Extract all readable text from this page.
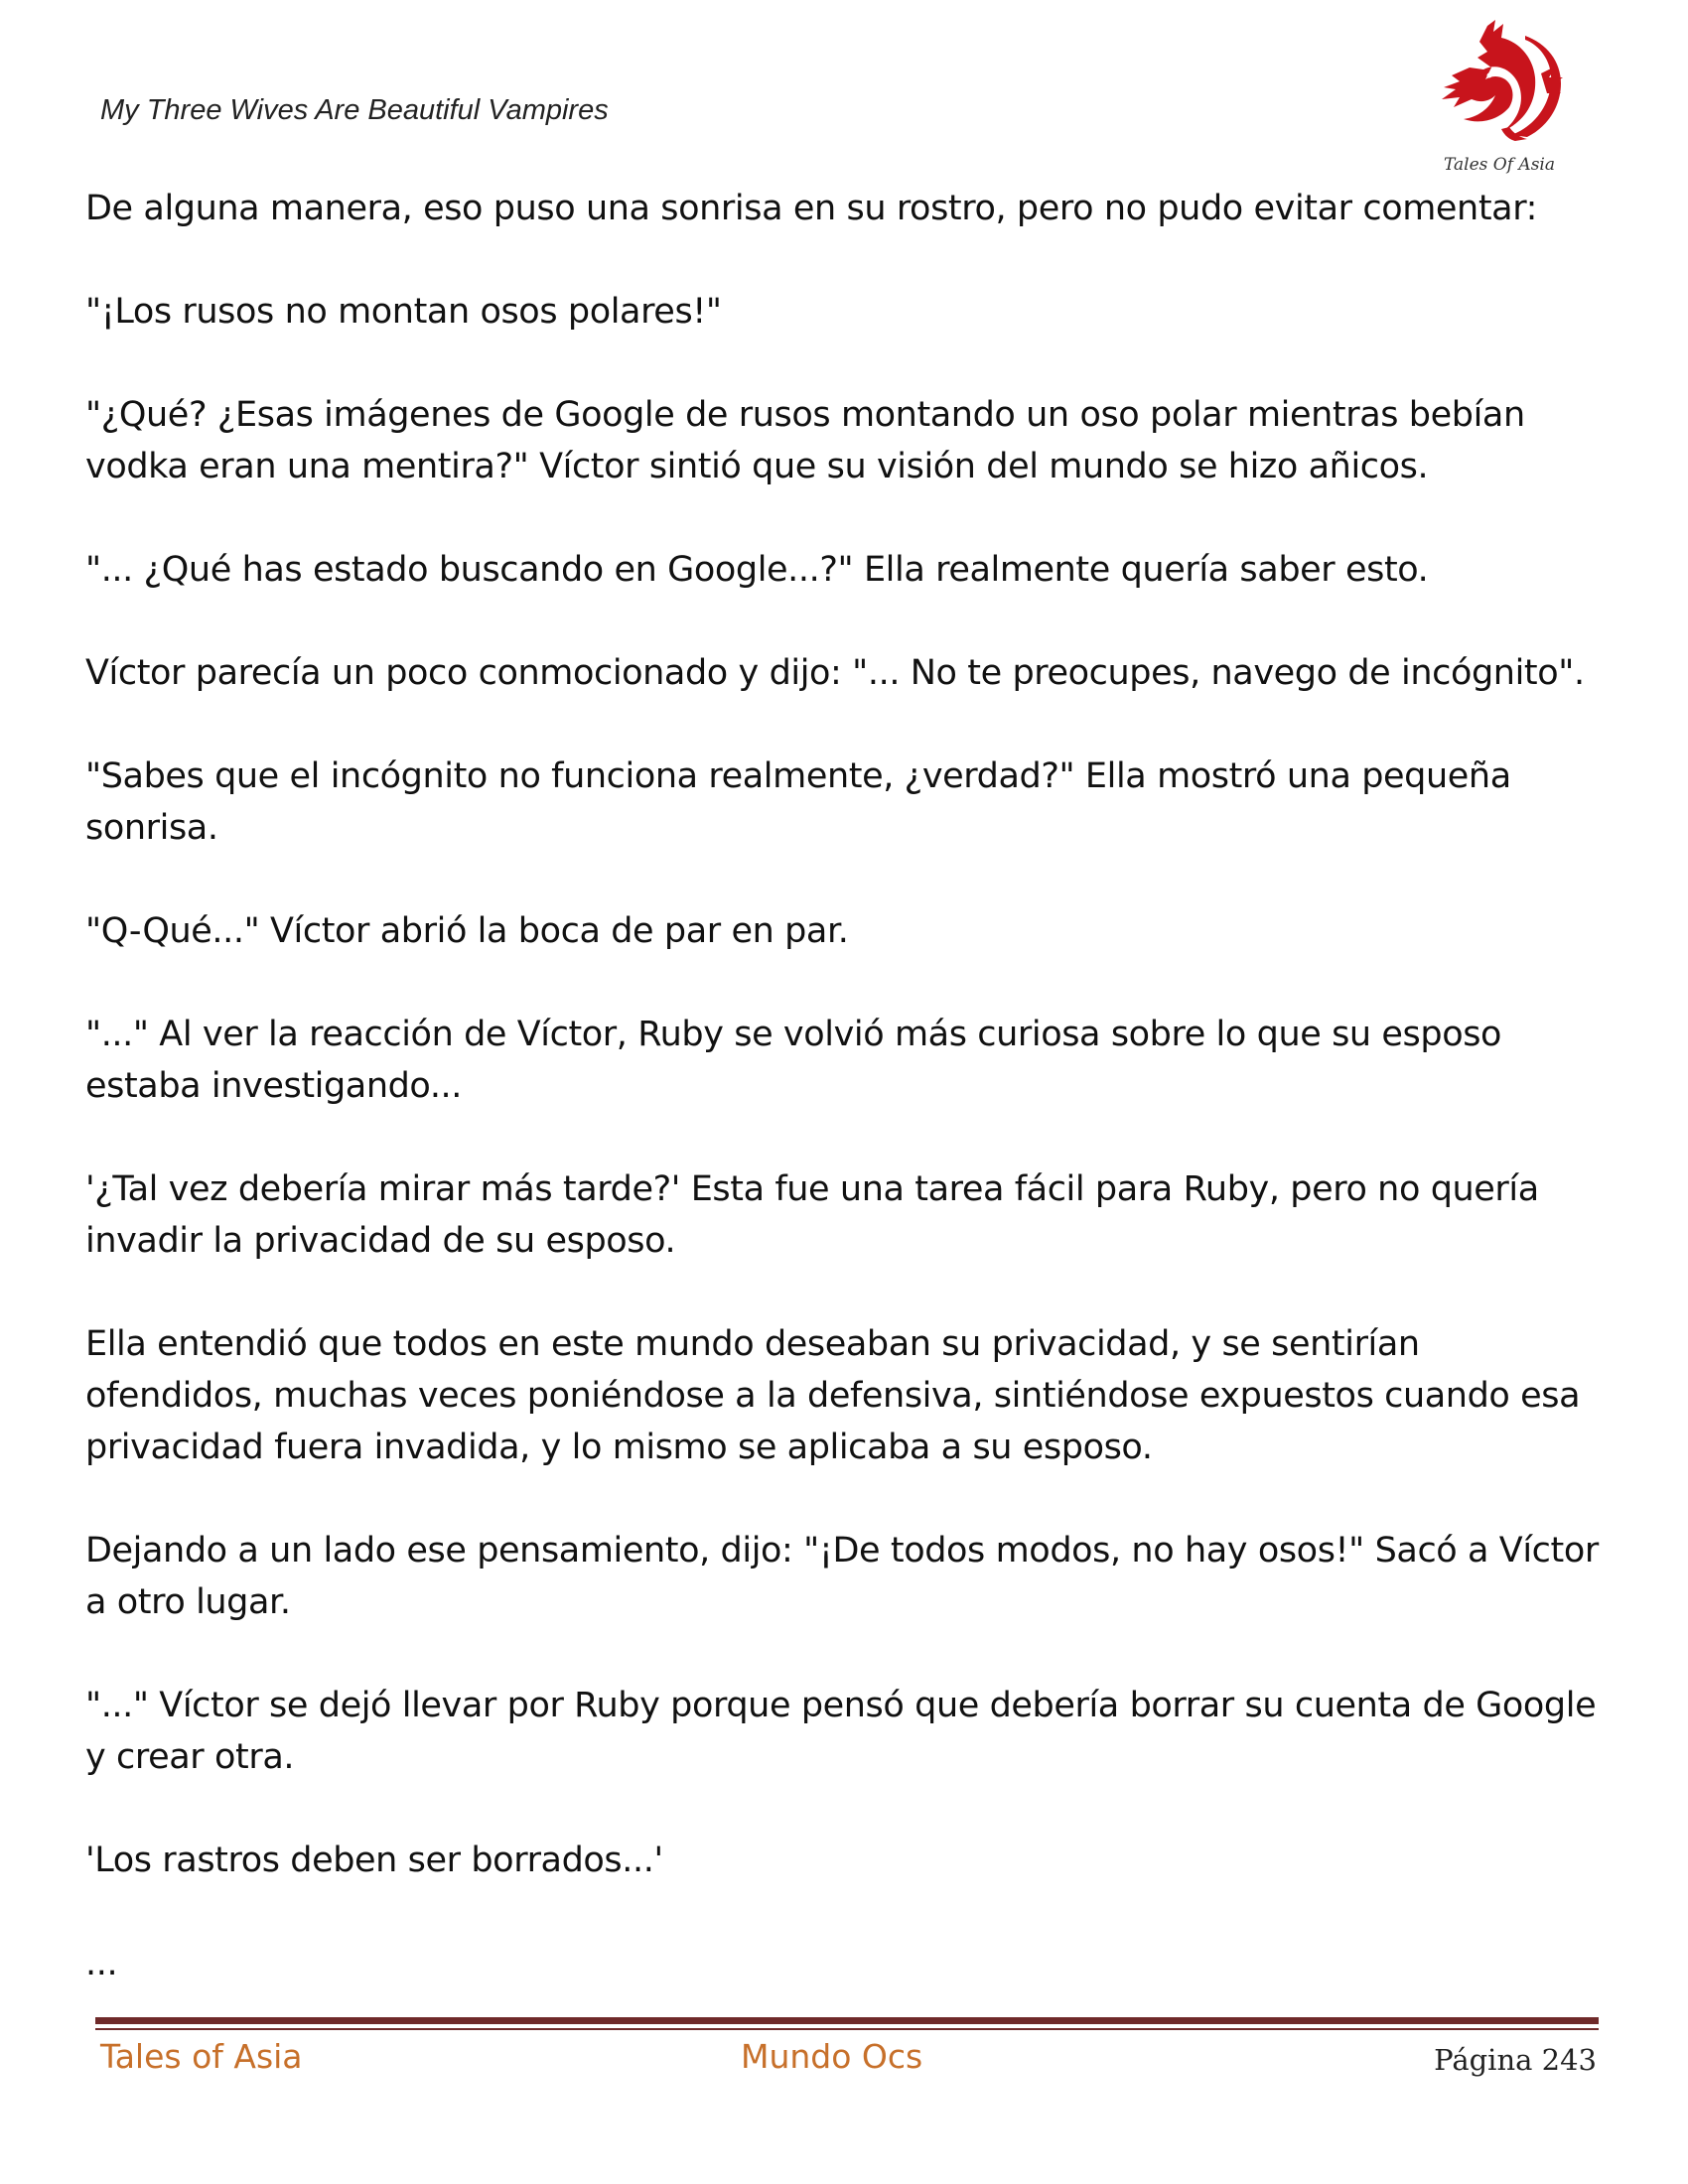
My Three Wives Are Beautiful Vampires
Tales Of Asia

De alguna manera, eso puso una sonrisa en su rostro, pero no pudo evitar comentar:

"¡Los rusos no montan osos polares!"

"¿Qué? ¿Esas imágenes de Google de rusos montando un oso polar mientras bebían vodka eran una mentira?" Víctor sintió que su visión del mundo se hizo añicos.

"... ¿Qué has estado buscando en Google...?" Ella realmente quería saber esto.

Víctor parecía un poco conmocionado y dijo: "... No te preocupes, navego de incógnito".

"Sabes que el incógnito no funciona realmente, ¿verdad?" Ella mostró una pequeña sonrisa.

"Q-Qué..." Víctor abrió la boca de par en par.

"..." Al ver la reacción de Víctor, Ruby se volvió más curiosa sobre lo que su esposo estaba investigando...

'¿Tal vez debería mirar más tarde?' Esta fue una tarea fácil para Ruby, pero no quería invadir la privacidad de su esposo.

Ella entendió que todos en este mundo deseaban su privacidad, y se sentirían ofendidos, muchas veces poniéndose a la defensiva, sintiéndose expuestos cuando esa privacidad fuera invadida, y lo mismo se aplicaba a su esposo.

Dejando a un lado ese pensamiento, dijo: "¡De todos modos, no hay osos!" Sacó a Víctor a otro lugar.

"..." Víctor se dejó llevar por Ruby porque pensó que debería borrar su cuenta de Google y crear otra.

'Los rastros deben ser borrados...'

...

Tales of Asia	Mundo Ocs	Página 243
